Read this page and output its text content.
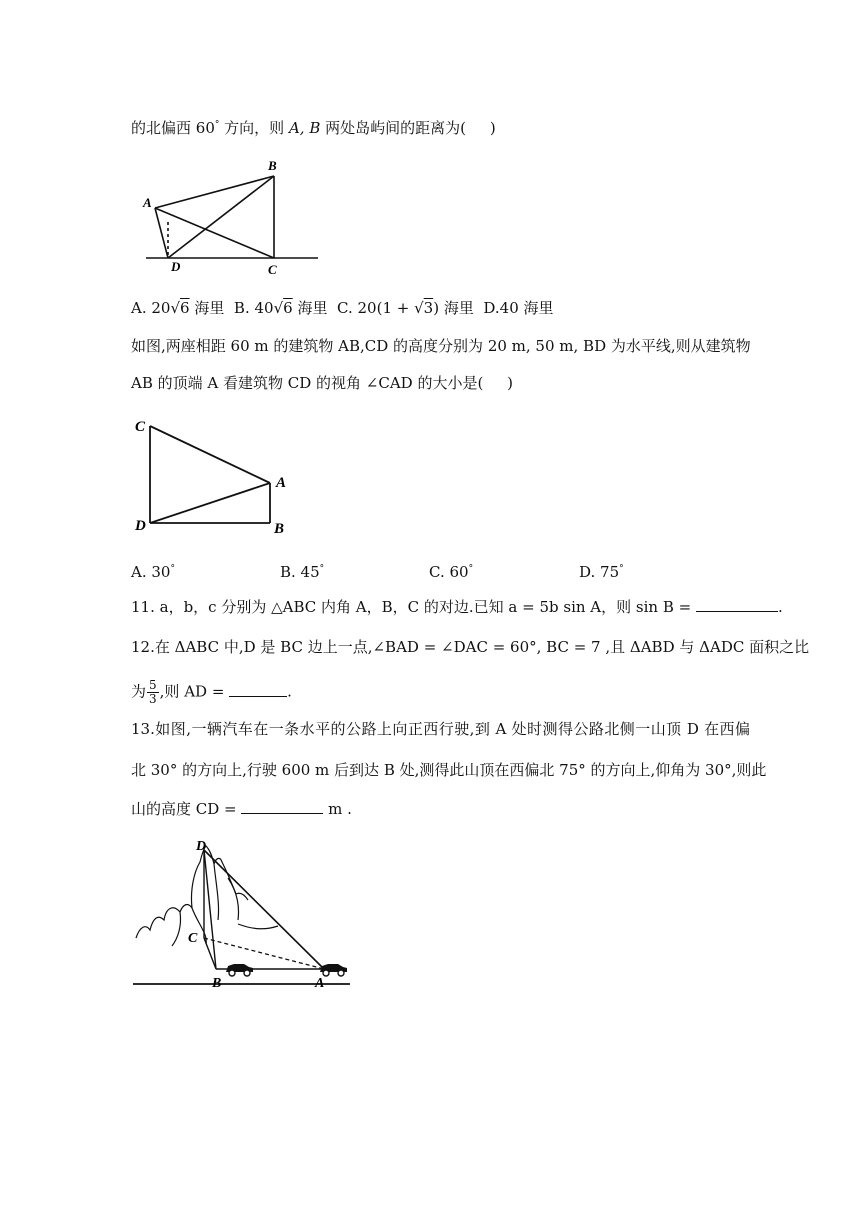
的北偏西 60° 方向，则 A, B 两处岛屿间的距离为( )
A
B
C
D
A. 20√6 海里 B. 40√6 海里 C. 20(1 + √3) 海里 D.40 海里
如图,两座相距 60 m 的建筑物 AB,CD 的高度分别为 20 m, 50 m, BD 为水平线,则从建筑物
AB 的顶端 A 看建筑物 CD 的视角 ∠CAD 的大小是( )
C
A
D	B
A. 30°	B. 45°	C. 60°	D. 75°
11. a，b，c 分别为 △ABC 内角 A，B，C 的对边.已知 a = 5b sin A，则 sin B =	.
12.在 ΔABC 中,D 是 BC 边上一点,∠BAD = ∠DAC = 60°, BC = 7 ,且 ΔABD 与 ΔADC 面积之比
为 $\frac{5}{3}$ ,则 AD =	.
13.如图,一辆汽车在一条水平的公路上向正西行驶,到 A 处时测得公路北侧一山顶 D 在西偏
北 30° 的方向上,行驶 600 m 后到达 B 处,测得此山顶在西偏北 75° 的方向上,仰角为 30°,则此
山的高度 CD =	m .
D
C
B	A
